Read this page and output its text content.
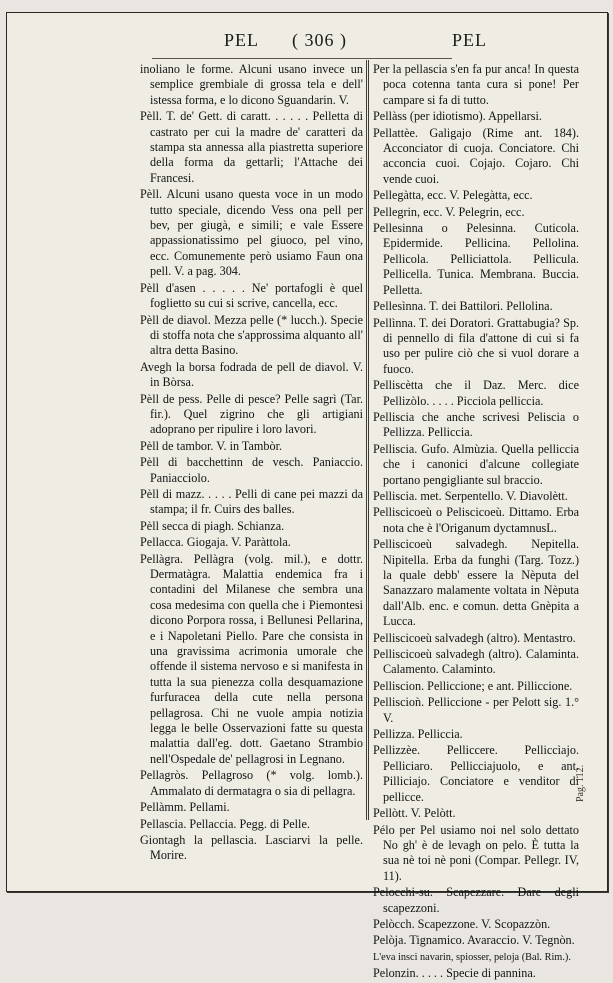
PEL ( 306 )	PEL

inoliano le forme. Alcuni usano invece un semplice grembiale di grossa tela e dell' istessa forma, e lo dicono Sguandarin. V.

Pèll. T. de' Gett. di caratt. . . . . . Pelletta di castrato per cui la madre de' caratteri da stampa sta annessa alla piastretta superiore della forma da gettarli; l'Attache dei Francesi.

Pèll. Alcuni usano questa voce in un modo tutto speciale, dicendo Vess ona pell per bev, per giugà, e simili; e vale Essere appassionatissimo pel giuoco, pel vino, ecc. Comunemente però usiamo Faun ona pell. V. a pag. 304.

Pèll d'asen . . . . . Ne' portafogli è quel foglietto su cui si scrive, cancella, ecc.

Pèll de diavol. Mezza pelle (* lucch.). Specie di stoffa nota che s'approssima alquanto all' altra detta Basino.

Avegh la borsa fodrada de pell de diavol. V. in Bòrsa.

Pèll de pess. Pelle di pesce? Pelle sagrì (Tar. fir.). Quel zigrino che gli artigiani adoprano per ripulire i loro lavori.

Pèll de tambor. V. in Tambòr.

Pèll di bacchettinn de vesch. Paniaccio. Paniacciolo.

Pèll di mazz. . . . . Pelli di cane pei mazzi da stampa; il fr. Cuirs des balles.

Pèll secca di piagh. Schianza.

Pellacca. Giogaja. V. Paràttola.

Pellàgra. Pellàgra (volg. mil.), e dottr. Dermatàgra. Malattia endemica fra i contadini del Milanese che sembra una cosa medesima con quella che i Piemontesi dicono Porpora rossa, i Bellunesi Pellarina, e i Napoletani Piello. Pare che consista in una gravissima acrimonia umorale che offende il sistema nervoso e si manifesta in tutta la sua pienezza colla desquamazione furfuracea della cute nella persona pellagrosa. Chi ne vuole ampia notizia legga le belle Osservazioni fatte su questa malattia dall'eg. dott. Gaetano Strambio nell'Ospedale de' pellagrosi in Legnano.

Pellagròs. Pellagroso (* volg. lomb.). Ammalato di dermatagra o sia di pellagra.

Pellàmm. Pellami.

Pellascia. Pellaccia. Pegg. di Pelle.

Giontagh la pellascia. Lasciarvi la pelle. Morire.

Per la pellascia s'en fa pur anca! In questa poca cotenna tanta cura si pone! Per campare si fa di tutto.

Pellàss (per idiotismo). Appellarsi.

Pellattèe. Galigajo (Rime ant. 184). Acconciator di cuoja. Conciatore. Chi acconcia cuoi. Cojajo. Cojaro. Chi vende cuoi.

Pellegàtta, ecc. V. Pelegàtta, ecc.

Pellegrin, ecc. V. Pelegrin, ecc.

Pellesinna o Pelesinna. Cuticola. Epidermide. Pellicina. Pellolina. Pellicola. Pelliciattola. Pellicula. Pellicella. Tunica. Membrana. Buccia. Pelletta.

Pellesìnna. T. dei Battilori. Pellolina.

Pellìnna. T. dei Doratori. Grattabugia? Sp. di pennello di fila d'attone di cui si fa uso per pulire ciò che si vuol dorare a fuoco.

Pelliscètta che il Daz. Merc. dice Pellizòlo. . . . . Picciola pelliccia.

Pelliscia che anche scrivesi Peliscia o Pellizza. Pelliccia.

Pelliscia. Gufo. Almùzia. Quella pelliccia che i canonici d'alcune collegiate portano pengigliante sul braccio.

Pelliscia. met. Serpentello. V. Diavolètt.

Pelliscicoeù o Peliscicoeù. Dittamo. Erba nota che è l'Origanum dyctamnusL.

Pelliscicoeù salvadegh. Nepitella. Nipitella. Erba da funghi (Targ. Tozz.) la quale debb' essere la Nèputa del Sanazzaro malamente voltata in Nèputa dall'Alb. enc. e comun. detta Gnèpita a Lucca.

Pelliscicoeù salvadegh (altro). Mentastro.

Pelliscicoeù salvadegh (altro). Calaminta. Calamento. Calaminto.

Pelliscion. Pelliccione; e ant. Pilliccione.

Pelliscioǹ. Pelliccione - per Pelott sig. 1.° V.

Pellizza. Pelliccia.

Pellizzèe. Pelliccere. Pelliccìajo. Pelliciaro. Pellicciajuolo, e ant. Pilliciajo. Conciatore e venditor di pellicce.

Pellòtt. V. Pelòtt.

Pélo per Pel usiamo noi nel solo dettato No gh' è de levagh on pelo. È tutta la sua nè toi nè poni (Compar. Pellegr. IV, 11).

Pelocchi-su. Scapezzare. Dare degli scapezzoni.

Pelòcch. Scapezzone. V. Scopazzòn.

Pelòja. Tignamico. Avaraccio. V. Tegnòn.

L'eva insci navarin, spiosser, peloja (Bal. Rim.).

Pelonzin. . . . . Specie di pannina.

Pag. 112.
